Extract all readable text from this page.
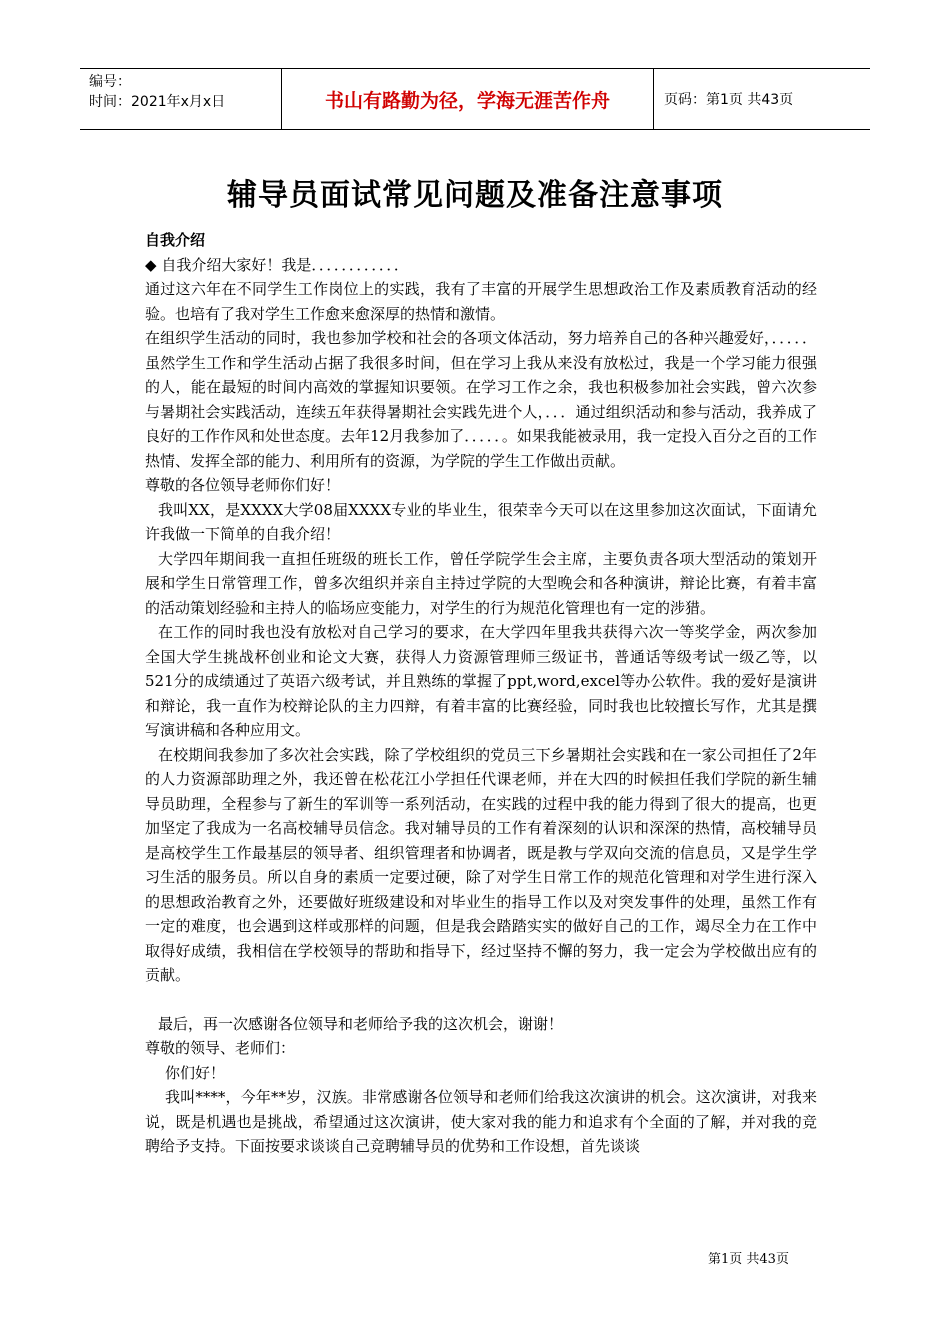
编号：
时间：2021年x月x日	书山有路勤为径，学海无涯苦作舟	页码：第1页 共43页
辅导员面试常见问题及准备注意事项

自我介绍

◆ 自我介绍大家好！我是．．．．．．．．．．．．

通过这六年在不同学生工作岗位上的实践，我有了丰富的开展学生思想政治工作及素质教育活动的经验。也培有了我对学生工作愈来愈深厚的热情和激情。

在组织学生活动的同时，我也参加学校和社会的各项文体活动，努力培养自己的各种兴趣爱好，．．．．．虽然学生工作和学生活动占据了我很多时间，但在学习上我从来没有放松过，我是一个学习能力很强的人，能在最短的时间内高效的掌握知识要领。在学习工作之余，我也积极参加社会实践，曾六次参与暑期社会实践活动，连续五年获得暑期社会实践先进个人，．．．通过组织活动和参与活动，我养成了良好的工作作风和处世态度。去年12月我参加了．．．．．。如果我能被录用，我一定投入百分之百的工作热情、发挥全部的能力、利用所有的资源，为学院的学生工作做出贡献。

尊敬的各位领导老师你们好！

我叫XX，是XXXX大学08届XXXX专业的毕业生，很荣幸今天可以在这里参加这次面试，下面请允许我做一下简单的自我介绍！

大学四年期间我一直担任班级的班长工作，曾任学院学生会主席，主要负责各项大型活动的策划开展和学生日常管理工作，曾多次组织并亲自主持过学院的大型晚会和各种演讲，辩论比赛，有着丰富的活动策划经验和主持人的临场应变能力，对学生的行为规范化管理也有一定的涉猎。

在工作的同时我也没有放松对自己学习的要求，在大学四年里我共获得六次一等奖学金，两次参加全国大学生挑战杯创业和论文大赛，获得人力资源管理师三级证书，普通话等级考试一级乙等，以521分的成绩通过了英语六级考试，并且熟练的掌握了ppt,word,excel等办公软件。我的爱好是演讲和辩论，我一直作为校辩论队的主力四辩，有着丰富的比赛经验，同时我也比较擅长写作，尤其是撰写演讲稿和各种应用文。

在校期间我参加了多次社会实践，除了学校组织的党员三下乡暑期社会实践和在一家公司担任了2年的人力资源部助理之外，我还曾在松花江小学担任代课老师，并在大四的时候担任我们学院的新生辅导员助理，全程参与了新生的军训等一系列活动，在实践的过程中我的能力得到了很大的提高，也更加坚定了我成为一名高校辅导员信念。我对辅导员的工作有着深刻的认识和深深的热情，高校辅导员是高校学生工作最基层的领导者、组织管理者和协调者，既是教与学双向交流的信息员，又是学生学习生活的服务员。所以自身的素质一定要过硬，除了对学生日常工作的规范化管理和对学生进行深入的思想政治教育之外，还要做好班级建设和对毕业生的指导工作以及对突发事件的处理，虽然工作有一定的难度，也会遇到这样或那样的问题，但是我会踏踏实实的做好自己的工作，竭尽全力在工作中取得好成绩，我相信在学校领导的帮助和指导下，经过坚持不懈的努力，我一定会为学校做出应有的贡献。

最后，再一次感谢各位领导和老师给予我的这次机会，谢谢！

尊敬的领导、老师们：

你们好！

我叫****，今年**岁，汉族。非常感谢各位领导和老师们给我这次演讲的机会。这次演讲，对我来说，既是机遇也是挑战，希望通过这次演讲，使大家对我的能力和追求有个全面的了解，并对我的竞聘给予支持。下面按要求谈谈自己竞聘辅导员的优势和工作设想，首先谈谈

第1页 共43页
